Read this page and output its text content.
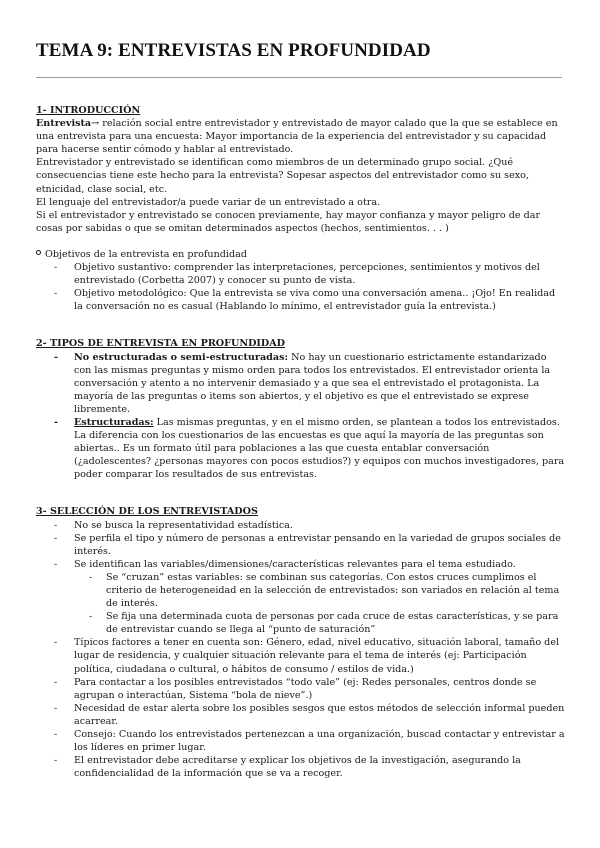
TEMA 9: ENTREVISTAS EN PROFUNDIDAD

1- INTRODUCCIÓN

Entrevista→ relación social entre entrevistador y entrevistado de mayor calado que la que se establece en una entrevista para una encuesta: Mayor importancia de la experiencia del entrevistador y su capacidad para hacerse sentir cómodo y hablar al entrevistado.

Entrevistador y entrevistado se identifican como miembros de un determinado grupo social. ¿Qué consecuencias tiene este hecho para la entrevista? Sopesar aspectos del entrevistador como su sexo, etnicidad, clase social, etc.

El lenguaje del entrevistador/a puede variar de un entrevistado a otra.

Si el entrevistador y entrevistado se conocen previamente, hay mayor confianza y mayor peligro de dar cosas por sabidas o que se omitan determinados aspectos (hechos, sentimientos. . . )

Objetivos de la entrevista en profundidad

- Objetivo sustantivo: comprender las interpretaciones, percepciones, sentimientos y motivos del entrevistado (Corbetta 2007) y conocer su punto de vista.
- Objetivo metodológico: Que la entrevista se viva como una conversación amena.. ¡Ojo! En realidad la conversación no es casual (Hablando lo mínimo, el entrevistador guía la entrevista.)

2- TIPOS DE ENTREVISTA EN PROFUNDIDAD

- No estructuradas o semi-estructuradas: No hay un cuestionario estrictamente estandarizado con las mismas preguntas y mismo orden para todos los entrevistados. El entrevistador orienta la conversación y atento a no intervenir demasiado y a que sea el entrevistado el protagonista. La mayoría de las preguntas o items son abiertos, y el objetivo es que el entrevistado se exprese libremente.
- Estructuradas: Las mismas preguntas, y en el mismo orden, se plantean a todos los entrevistados. La diferencia con los cuestionarios de las encuestas es que aquí la mayoría de las preguntas son abiertas.. Es un formato útil para poblaciones a las que cuesta entablar conversación (¿adolescentes? ¿personas mayores con pocos estudios?) y equipos con muchos investigadores, para poder comparar los resultados de sus entrevistas.

3- SELECCIÓN DE LOS ENTREVISTADOS

- No se busca la representatividad estadística.
- Se perfila el tipo y número de personas a entrevistar pensando en la variedad de grupos sociales de interés.
- Se identifican las variables/dimensiones/características relevantes para el tema estudiado.
- Se “cruzan” estas variables: se combinan sus categorías. Con estos cruces cumplimos el criterio de heterogeneidad en la selección de entrevistados: son variados en relación al tema de interés.
- Se fija una determinada cuota de personas por cada cruce de estas características, y se para de entrevistar cuando se llega al “punto de saturación”
- Típicos factores a tener en cuenta son: Género, edad, nivel educativo, situación laboral, tamaño del lugar de residencia, y cualquier situación relevante para el tema de interés (ej: Participación política, ciudadana o cultural, o hábitos de consumo / estilos de vida.)
- Para contactar a los posibles entrevistados “todo vale” (ej: Redes personales, centros donde se agrupan o interactúan, Sistema “bola de nieve”.)
- Necesidad de estar alerta sobre los posibles sesgos que estos métodos de selección informal pueden acarrear.
- Consejo: Cuando los entrevistados pertenezcan a una organización, buscad contactar y entrevistar a los líderes en primer lugar.
- El entrevistador debe acreditarse y explicar los objetivos de la investigación, asegurando la confidencialidad de la información que se va a recoger.
